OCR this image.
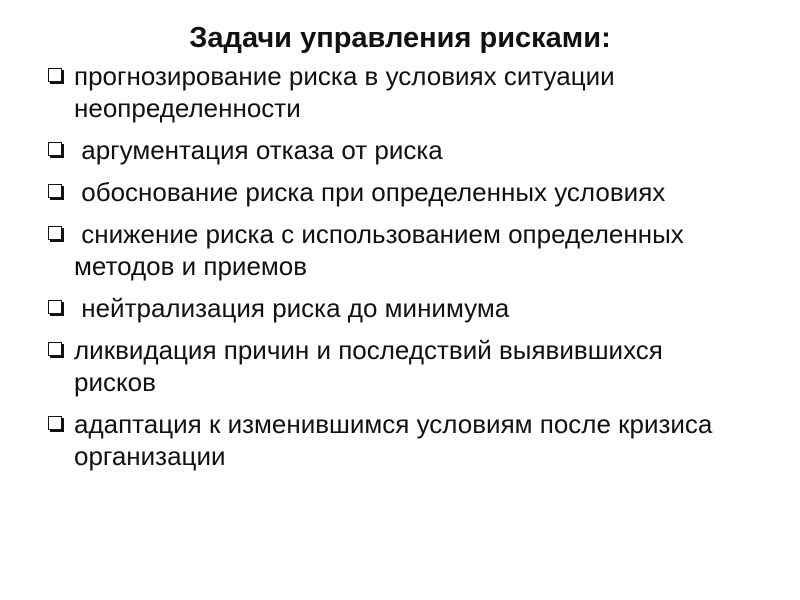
Задачи управления рисками:
прогнозирование риска в условиях ситуации неопределенности
аргументация отказа от риска
обоснование риска при определенных условиях
снижение риска с использованием определенных методов и приемов
нейтрализация риска до минимума
ликвидация причин и последствий выявившихся рисков
адаптация к изменившимся условиям после кризиса организации
